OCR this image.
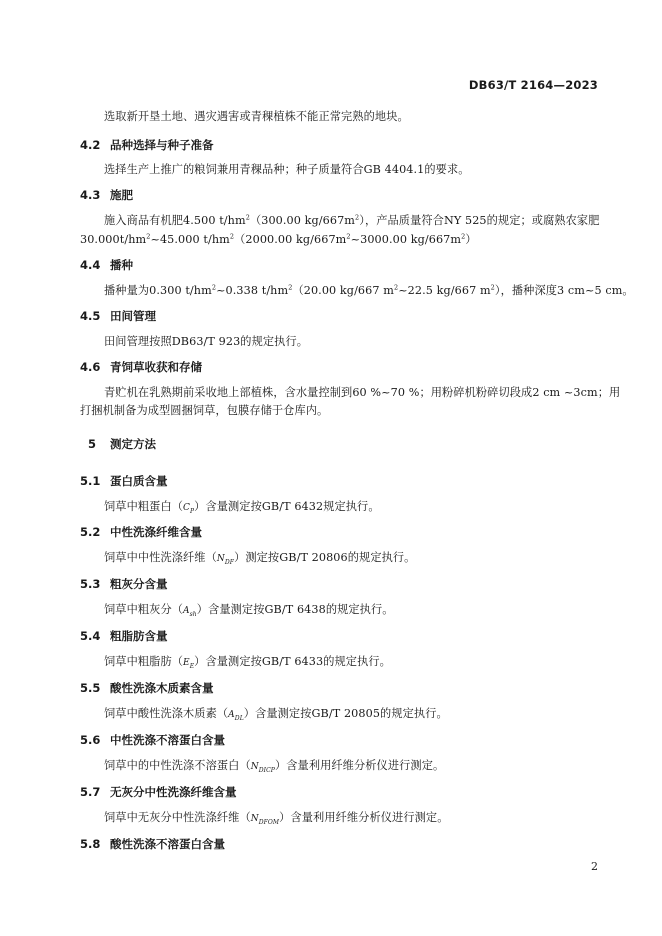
DB63/T 2164—2023
选取新开垦土地、遇灾遇害或青稞植株不能正常完熟的地块。
4.2 品种选择与种子准备
选择生产上推广的粮饲兼用青稞品种；种子质量符合GB 4404.1的要求。
4.3 施肥
施入商品有机肥4.500 $t/hm^2(300.00$ $kg/667m^2$），产品质量符合NY 525的规定；或腐熟农家肥
$30.000t/hm^2\sim 45.000$ $t/hm^2(2000.00$ $kg/667m^2\sim 3000.00$ $kg/667m^2$）
4.4 播种
播种量为0.300 $t/hm^2\sim 0.338$ $t/hm^2(20.00$ kg/667 $m^2\sim 22.5$ kg/667 $m^2$），播种深度3 cm~5 cm。
4.5 田间管理
田间管理按照DB63/T 923的规定执行。
4.6 青饲草收获和存储
青贮机在乳熟期前采收地上部植株，含水量控制到60 %~70 %；用粉碎机粉碎切段成2 cm ~3cm；用
打捆机制备为成型圆捆饲草，包膜存储于仓库内。
5 测定方法
5.1 蛋白质含量
饲草中粗蛋白$(C_P)$含量测定按GB/T 6432规定执行。
5.2 中性洗涤纤维含量
饲草中中性洗涤纤维$(N_{DF})$测定按GB/T 20806的规定执行。
5.3 粗灰分含量
饲草中粗灰分$(A_{sh})$含量测定按GB/T 6438的规定执行。
5.4 粗脂肪含量
饲草中粗脂肪$(E_E)$含量测定按GB/T 6433的规定执行。
5.5 酸性洗涤木质素含量
饲草中酸性洗涤木质素$(A_{DL})$含量测定按GB/T 20805的规定执行。
5.6 中性洗涤不溶蛋白含量
饲草中的中性洗涤不溶蛋白$(N_{DICP})$含量利用纤维分析仪进行测定。
5.7 无灰分中性洗涤纤维含量
饲草中无灰分中性洗涤纤维$(N_{DFOM})$含量利用纤维分析仪进行测定。
5.8 酸性洗涤不溶蛋白含量
2
